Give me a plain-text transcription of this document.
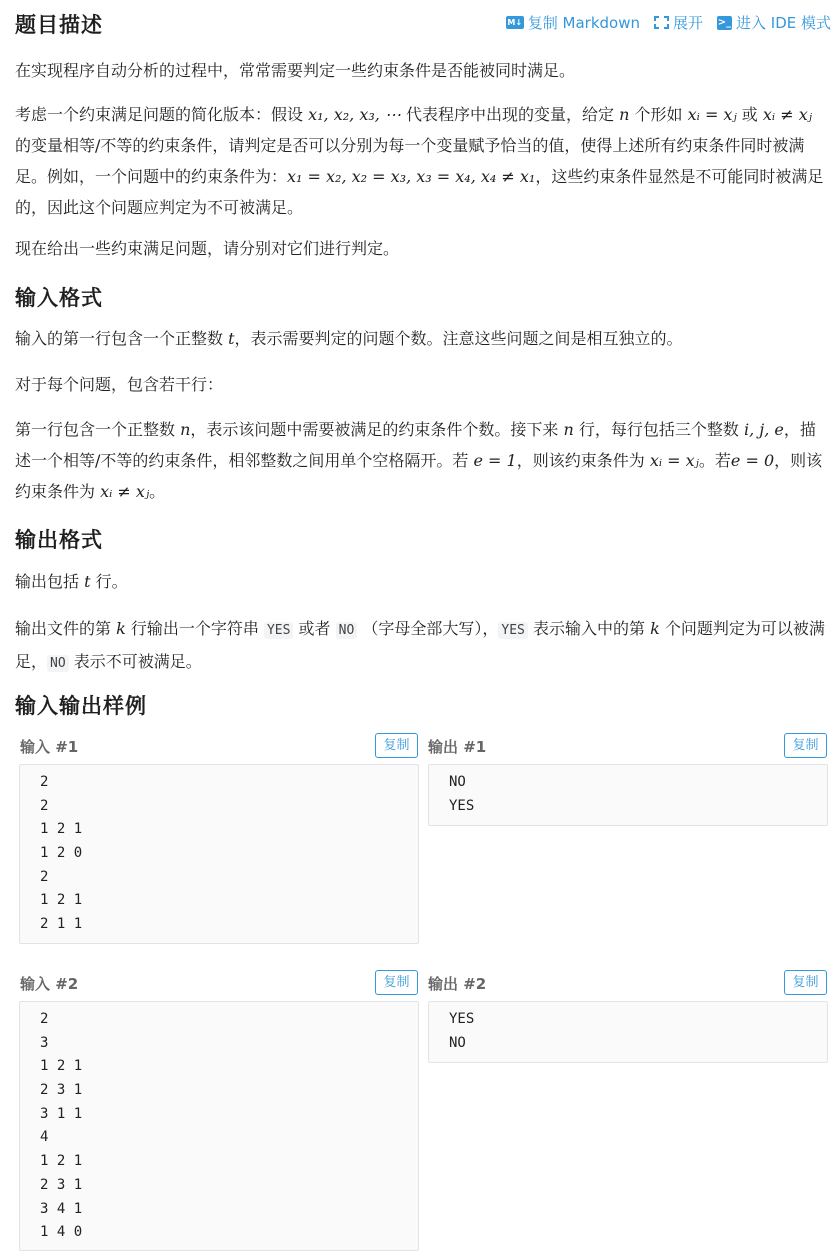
题目描述	M↓ 复制 Markdown 展开 >_ 进入 IDE 模式

在实现程序自动分析的过程中，常常需要判定一些约束条件是否能被同时满足。

考虑一个约束满足问题的简化版本：假设 x₁, x₂, x₃, ⋯ 代表程序中出现的变量，给定 n 个形如 xᵢ = xⱼ 或 xᵢ ≠ xⱼ 的变量相等/不等的约束条件，请判定是否可以分别为每一个变量赋予恰当的值，使得上述所有约束条件同时被满足。例如，一个问题中的约束条件为：x₁ = x₂, x₂ = x₃, x₃ = x₄, x₄ ≠ x₁，这些约束条件显然是不可能同时被满足的，因此这个问题应判定为不可被满足。

现在给出一些约束满足问题，请分别对它们进行判定。

输入格式

输入的第一行包含一个正整数 t，表示需要判定的问题个数。注意这些问题之间是相互独立的。

对于每个问题，包含若干行：

第一行包含一个正整数 n，表示该问题中需要被满足的约束条件个数。接下来 n 行，每行包括三个整数 i, j, e，描述一个相等/不等的约束条件，相邻整数之间用单个空格隔开。若 e = 1，则该约束条件为 xᵢ = xⱼ。若e = 0，则该约束条件为 xᵢ ≠ xⱼ。

输出格式

输出包括 t 行。

输出文件的第 k 行输出一个字符串 YES 或者 NO （字母全部大写）， YES 表示输入中的第 k 个问题判定为可以被满足， NO 表示不可被满足。

输入输出样例
输入 #1	复制
2
2
1 2 1
1 2 0
2
1 2 1
2 1 1
输出 #1	复制
NO
YES
输入 #2	复制
2
3
1 2 1
2 3 1
3 1 1
4
1 2 1
2 3 1
3 4 1
1 4 0
输出 #2	复制
YES
NO
